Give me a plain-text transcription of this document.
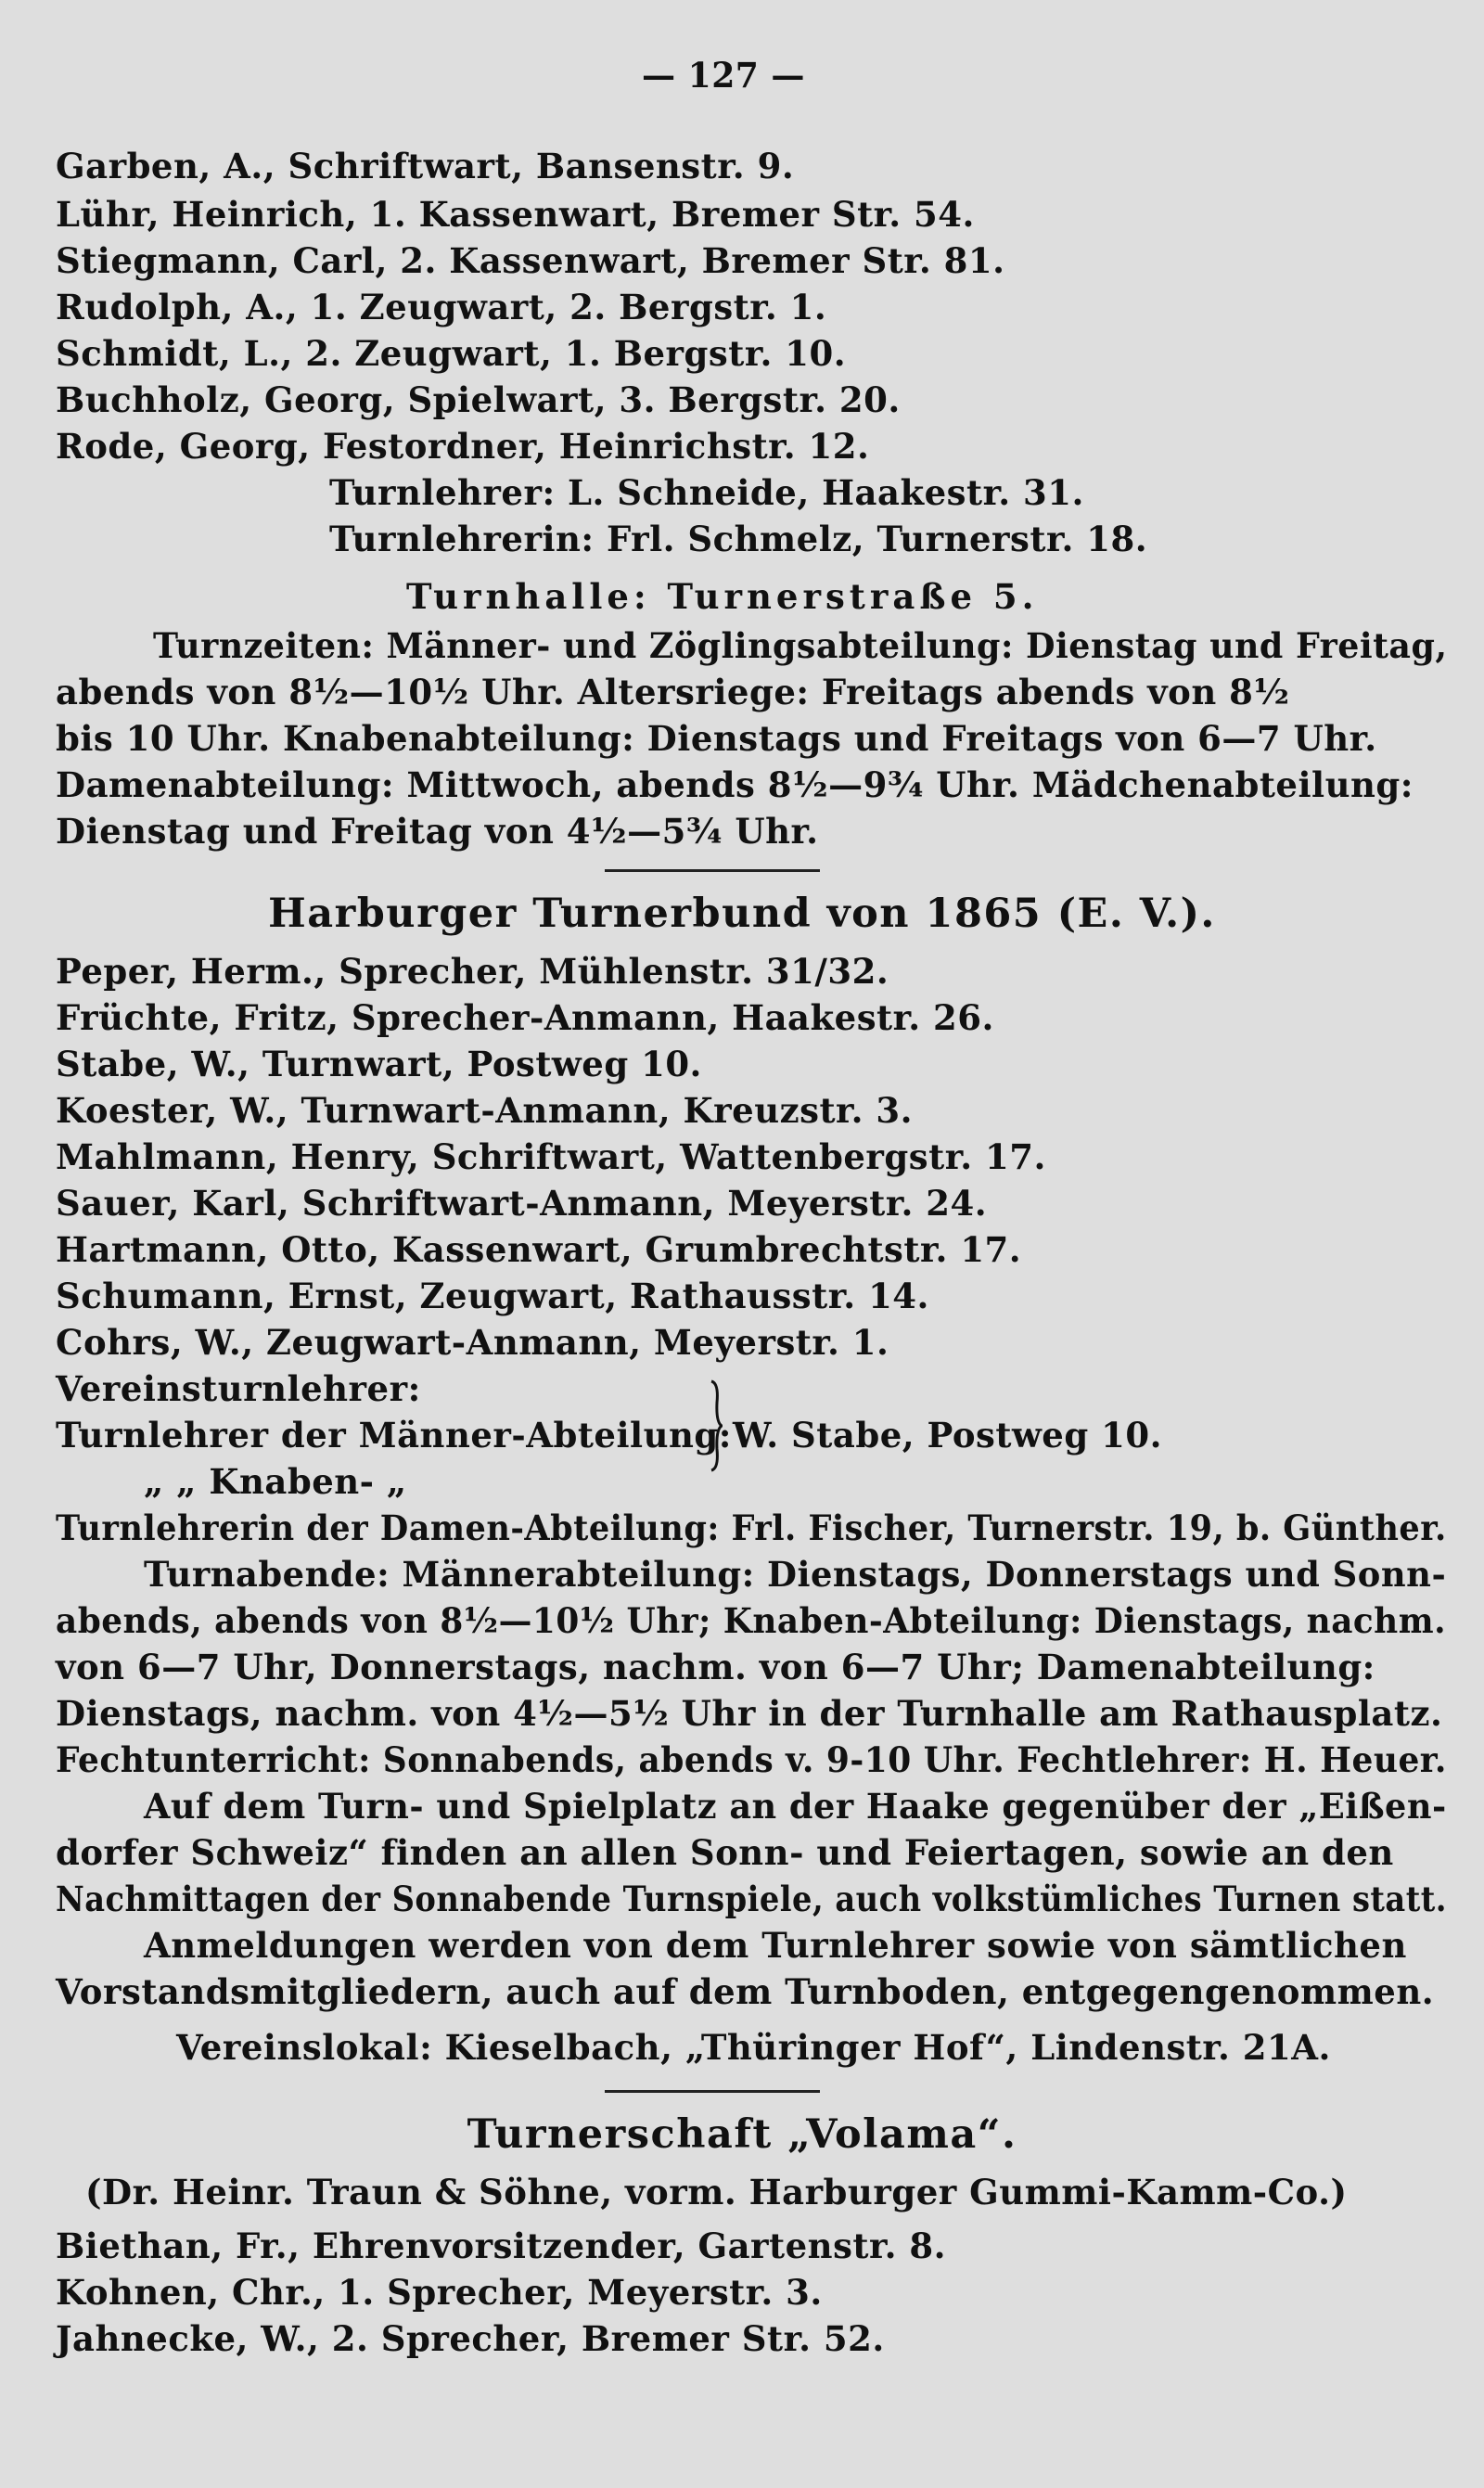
— 127 —
Garben, A., Schriftwart, Bansenstr. 9.
Lühr, Heinrich, 1. Kassenwart, Bremer Str. 54.
Stiegmann, Carl, 2. Kassenwart, Bremer Str. 81.
Rudolph, A., 1. Zeugwart, 2. Bergstr. 1.
Schmidt, L., 2. Zeugwart, 1. Bergstr. 10.
Buchholz, Georg, Spielwart, 3. Bergstr. 20.
Rode, Georg, Festordner, Heinrichstr. 12.
Turnlehrer: L. Schneide, Haakestr. 31.
Turnlehrerin: Frl. Schmelz, Turnerstr. 18.
Turnhalle: Turnerstraße 5.
Turnzeiten: Männer- und Zöglingsabteilung: Dienstag und Freitag,
abends von 8½—10½ Uhr. Altersriege: Freitags abends von 8½
bis 10 Uhr. Knabenabteilung: Dienstags und Freitags von 6—7 Uhr.
Damenabteilung: Mittwoch, abends 8½—9¾ Uhr. Mädchenabteilung:
Dienstag und Freitag von 4½—5¾ Uhr.
Harburger Turnerbund von 1865 (E. V.).
Peper, Herm., Sprecher, Mühlenstr. 31/32.
Früchte, Fritz, Sprecher-Anmann, Haakestr. 26.
Stabe, W., Turnwart, Postweg 10.
Koester, W., Turnwart-Anmann, Kreuzstr. 3.
Mahlmann, Henry, Schriftwart, Wattenbergstr. 17.
Sauer, Karl, Schriftwart-Anmann, Meyerstr. 24.
Hartmann, Otto, Kassenwart, Grumbrechtstr. 17.
Schumann, Ernst, Zeugwart, Rathausstr. 14.
Cohrs, W., Zeugwart-Anmann, Meyerstr. 1.
Vereinsturnlehrer:
Turnlehrer der Männer-Abteilung:
„ „ Knaben- „
W. Stabe, Postweg 10.
Turnlehrerin der Damen-Abteilung: Frl. Fischer, Turnerstr. 19, b. Günther.
Turnabende: Männerabteilung: Dienstags, Donnerstags und Sonn-
abends, abends von 8½—10½ Uhr; Knaben-Abteilung: Dienstags, nachm.
von 6—7 Uhr, Donnerstags, nachm. von 6—7 Uhr; Damenabteilung:
Dienstags, nachm. von 4½—5½ Uhr in der Turnhalle am Rathausplatz.
Fechtunterricht: Sonnabends, abends v. 9-10 Uhr. Fechtlehrer: H. Heuer.
Auf dem Turn- und Spielplatz an der Haake gegenüber der „Eißen-
dorfer Schweiz“ finden an allen Sonn- und Feiertagen, sowie an den
Nachmittagen der Sonnabende Turnspiele, auch volkstümliches Turnen statt.
Anmeldungen werden von dem Turnlehrer sowie von sämtlichen
Vorstandsmitgliedern, auch auf dem Turnboden, entgegengenommen.
Vereinslokal: Kieselbach, „Thüringer Hof“, Lindenstr. 21A.
Turnerschaft „Volama“.
(Dr. Heinr. Traun & Söhne, vorm. Harburger Gummi-Kamm-Co.)
Biethan, Fr., Ehrenvorsitzender, Gartenstr. 8.
Kohnen, Chr., 1. Sprecher, Meyerstr. 3.
Jahnecke, W., 2. Sprecher, Bremer Str. 52.
